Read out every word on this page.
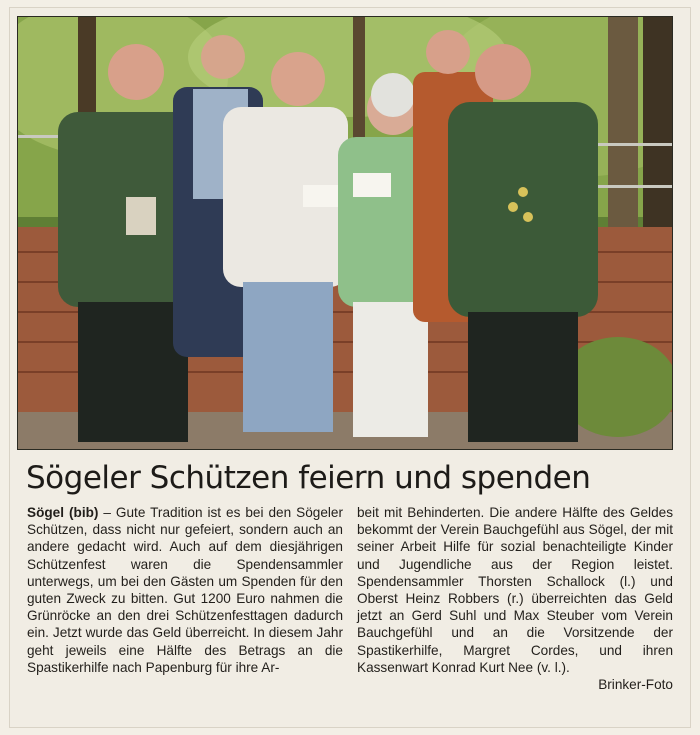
Sögeler Schützen feiern und spenden
Sögel (bib) – Gute Tradition ist es bei den Sögeler Schützen, dass nicht nur gefeiert, sondern auch an andere gedacht wird. Auch auf dem diesjährigen Schützenfest waren die Spendensammler unterwegs, um bei den Gästen um Spenden für den guten Zweck zu bitten. Gut 1200 Euro nahmen die Grünröcke an den drei Schützenfesttagen dadurch ein. Jetzt wurde das Geld überreicht. In diesem Jahr geht jeweils eine Hälfte des Betrags an die Spastikerhilfe nach Papenburg für ihre Ar-
beit mit Behinderten. Die andere Hälfte des Geldes bekommt der Verein Bauchgefühl aus Sögel, der mit seiner Arbeit Hilfe für sozial benachteiligte Kinder und Jugendliche aus der Region leistet. Spendensammler Thorsten Schallock (l.) und Oberst Heinz Robbers (r.) überreichten das Geld jetzt an Gerd Suhl und Max Steuber vom Verein Bauchgefühl und an die Vorsitzende der Spastikerhilfe, Margret Cordes, und ihren Kassenwart Konrad Kurt Nee (v. l.).
Brinker-Foto
